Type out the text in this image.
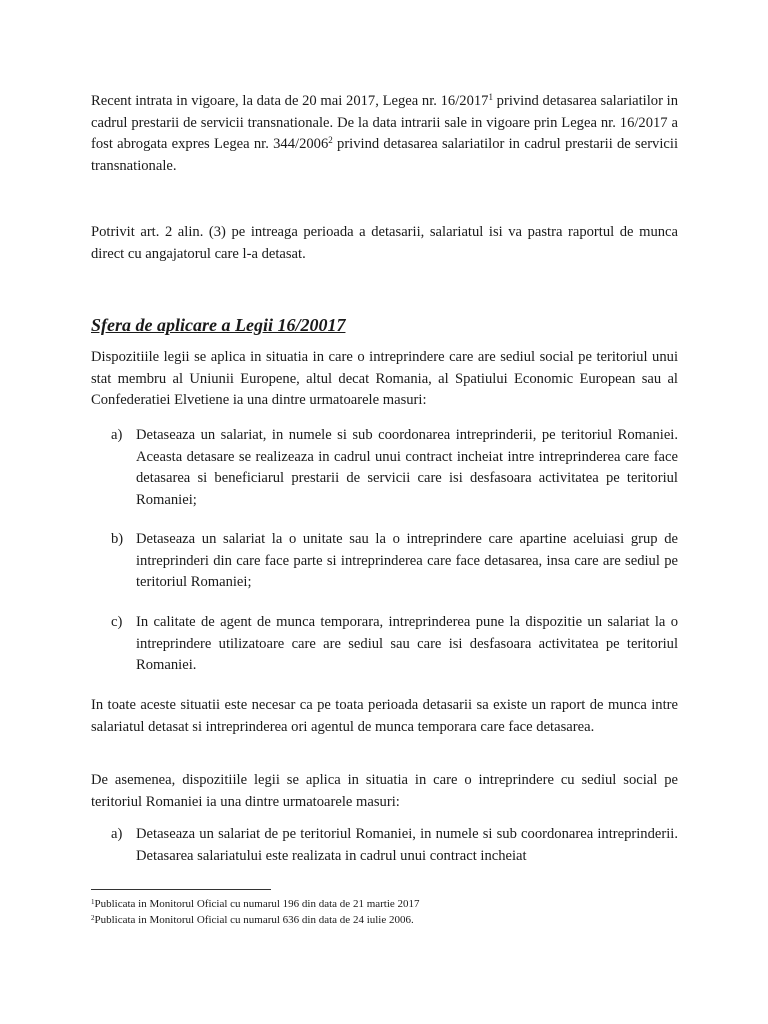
Recent intrata in vigoare, la data de 20 mai 2017, Legea nr. 16/2017$^1$ privind detasarea salariatilor in cadrul prestarii de servicii transnationale. De la data intrarii sale in vigoare prin Legea nr. 16/2017 a fost abrogata expres Legea nr. 344/2006$^2$ privind detasarea salariatilor in cadrul prestarii de servicii transnationale.

Potrivit art. 2 alin. (3) pe intreaga perioada a detasarii, salariatul isi va pastra raportul de munca direct cu angajatorul care l-a detasat.

Sfera de aplicare a Legii 16/20017

Dispozitiile legii se aplica in situatia in care o intreprindere care are sediul social pe teritoriul unui stat membru al Uniunii Europene, altul decat Romania, al Spatiului Economic European sau al Confederatiei Elvetiene ia una dintre urmatoarele masuri:

a) Detaseaza un salariat, in numele si sub coordonarea intreprinderii, pe teritoriul Romaniei. Aceasta detasare se realizeaza in cadrul unui contract incheiat intre intreprinderea care face detasarea si beneficiarul prestarii de servicii care isi desfasoara activitatea pe teritoriul Romaniei;

b) Detaseaza un salariat la o unitate sau la o intreprindere care apartine aceluiasi grup de intreprinderi din care face parte si intreprinderea care face detasarea, insa care are sediul pe teritoriul Romaniei;

c) In calitate de agent de munca temporara, intreprinderea pune la dispozitie un salariat la o intreprindere utilizatoare care are sediul sau care isi desfasoara activitatea pe teritoriul Romaniei.

In toate aceste situatii este necesar ca pe toata perioada detasarii sa existe un raport de munca intre salariatul detasat si intreprinderea ori agentul de munca temporara care face detasarea.

De asemenea, dispozitiile legii se aplica in situatia in care o intreprindere cu sediul social pe teritoriul Romaniei ia una dintre urmatoarele masuri:

a) Detaseaza un salariat de pe teritoriul Romaniei, in numele si sub coordonarea intreprinderii. Detasarea salariatului este realizata in cadrul unui contract incheiat

$^1$Publicata in Monitorul Oficial cu numarul 196 din data de 21 martie 2017

$^2$Publicata in Monitorul Oficial cu numarul 636 din data de 24 iulie 2006.
